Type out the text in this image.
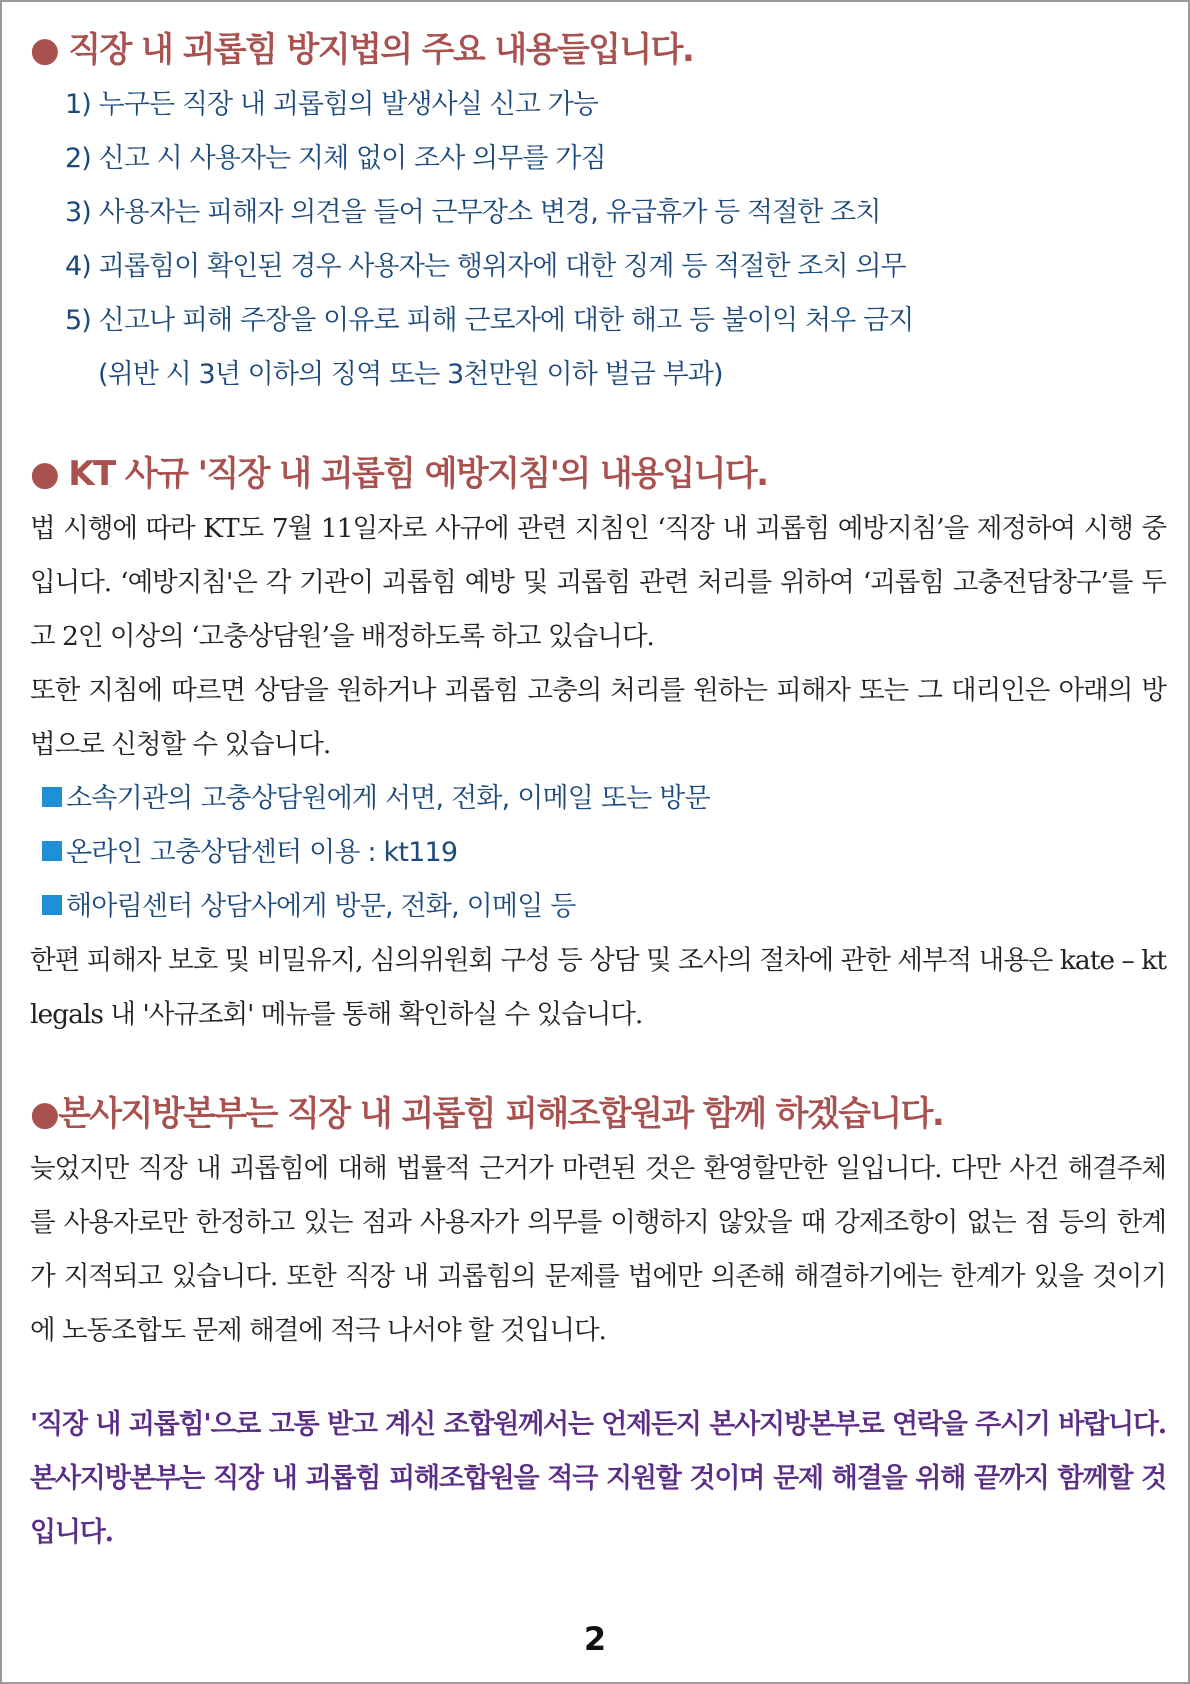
● 직장 내 괴롭힘 방지법의 주요 내용들입니다.
1) 누구든 직장 내 괴롭힘의 발생사실 신고 가능
2) 신고 시 사용자는 지체 없이 조사 의무를 가짐
3) 사용자는 피해자 의견을 들어 근무장소 변경, 유급휴가 등 적절한 조치
4) 괴롭힘이 확인된 경우 사용자는 행위자에 대한 징계 등 적절한 조치 의무
5) 신고나 피해 주장을 이유로 피해 근로자에 대한 해고 등 불이익 처우 금지
(위반 시 3년 이하의 징역 또는 3천만원 이하 벌금 부과)
● KT 사규 '직장 내 괴롭힘 예방지침'의 내용입니다.

법 시행에 따라 KT도 7월 11일자로 사규에 관련 지침인 ‘직장 내 괴롭힘 예방지침’을 제정하여 시행 중입니다. ‘예방지침'은 각 기관이 괴롭힘 예방 및 괴롭힘 관련 처리를 위하여 ‘괴롭힘 고충전담창구’를 두고 2인 이상의 ‘고충상담원’을 배정하도록 하고 있습니다.

또한 지침에 따르면 상담을 원하거나 괴롭힘 고충의 처리를 원하는 피해자 또는 그 대리인은 아래의 방법으로 신청할 수 있습니다.

소속기관의 고충상담원에게 서면, 전화, 이메일 또는 방문
온라인 고충상담센터 이용 : kt119
해아림센터 상담사에게 방문, 전화, 이메일 등

한편 피해자 보호 및 비밀유지, 심의위원회 구성 등 상담 및 조사의 절차에 관한 세부적 내용은 kate – kt legals 내 '사규조회' 메뉴를 통해 확인하실 수 있습니다.

●본사지방본부는 직장 내 괴롭힘 피해조합원과 함께 하겠습니다.

늦었지만 직장 내 괴롭힘에 대해 법률적 근거가 마련된 것은 환영할만한 일입니다. 다만 사건 해결주체를 사용자로만 한정하고 있는 점과 사용자가 의무를 이행하지 않았을 때 강제조항이 없는 점 등의 한계가 지적되고 있습니다. 또한 직장 내 괴롭힘의 문제를 법에만 의존해 해결하기에는 한계가 있을 것이기에 노동조합도 문제 해결에 적극 나서야 할 것입니다.

'직장 내 괴롭힘'으로 고통 받고 계신 조합원께서는 언제든지 본사지방본부로 연락을 주시기 바랍니다. 본사지방본부는 직장 내 괴롭힘 피해조합원을 적극 지원할 것이며 문제 해결을 위해 끝까지 함께할 것입니다.

2
